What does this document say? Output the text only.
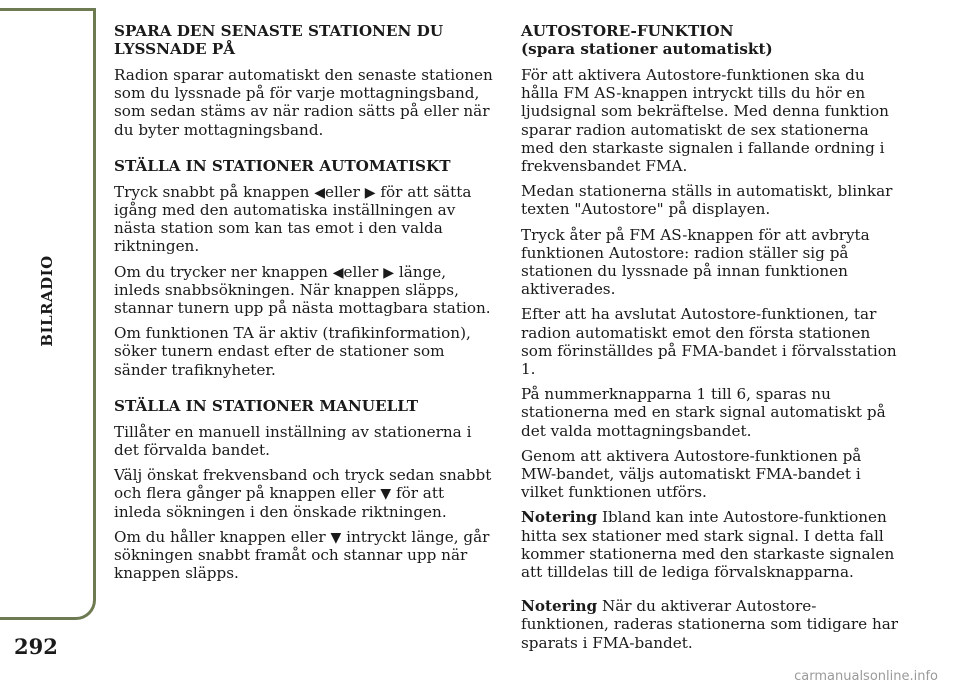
BILRADIO
292

SPARA DEN SENASTE STATIONEN DU LYSSNADE PÅ

Radion sparar automatiskt den senaste stationen som du lyssnade på för varje mottagningsband, som sedan stäms av när radion sätts på eller när du byter mottagningsband.

STÄLLA IN STATIONER AUTOMATISKT

Tryck snabbt på knappen ◀eller ▶ för att sätta igång med den automatiska inställningen av nästa station som kan tas emot i den valda riktningen.

Om du trycker ner knappen ◀eller ▶ länge, inleds snabbsökningen. När knappen släpps, stannar tunern upp på nästa mottagbara station.

Om funktionen TA är aktiv (trafikinformation), söker tunern endast efter de stationer som sänder trafiknyheter.

STÄLLA IN STATIONER MANUELLT

Tillåter en manuell inställning av stationerna i det förvalda bandet.

Välj önskat frekvensband och tryck sedan snabbt och flera gånger på knappen eller ▼ för att inleda sökningen i den önskade riktningen.

Om du håller knappen eller ▼ intryckt länge, går sökningen snabbt framåt och stannar upp när knappen släpps.

AUTOSTORE-FUNKTION
(spara stationer automatiskt)

För att aktivera Autostore-funktionen ska du hålla FM AS-knappen intryckt tills du hör en ljudsignal som bekräftelse. Med denna funktion sparar radion automatiskt de sex stationerna med den starkaste signalen i fallande ordning i frekvensbandet FMA.

Medan stationerna ställs in automatiskt, blinkar texten "Autostore" på displayen.

Tryck åter på FM AS-knappen för att avbryta funktionen Autostore: radion ställer sig på stationen du lyssnade på innan funktionen aktiverades.

Efter att ha avslutat Autostore-funktionen, tar radion automatiskt emot den första stationen som förinställdes på FMA-bandet i förvalsstation 1.

På nummerknapparna 1 till 6, sparas nu stationerna med en stark signal automatiskt på det valda mottagningsbandet.

Genom att aktivera Autostore-funktionen på MW-bandet, väljs automatiskt FMA-bandet i vilket funktionen utförs.

Notering Ibland kan inte Autostore-funktionen hitta sex stationer med stark signal. I detta fall kommer stationerna med den starkaste signalen att tilldelas till de lediga förvalsknapparna.

Notering När du aktiverar Autostore-funktionen, raderas stationerna som tidigare har sparats i FMA-bandet.

carmanualsonline.info
